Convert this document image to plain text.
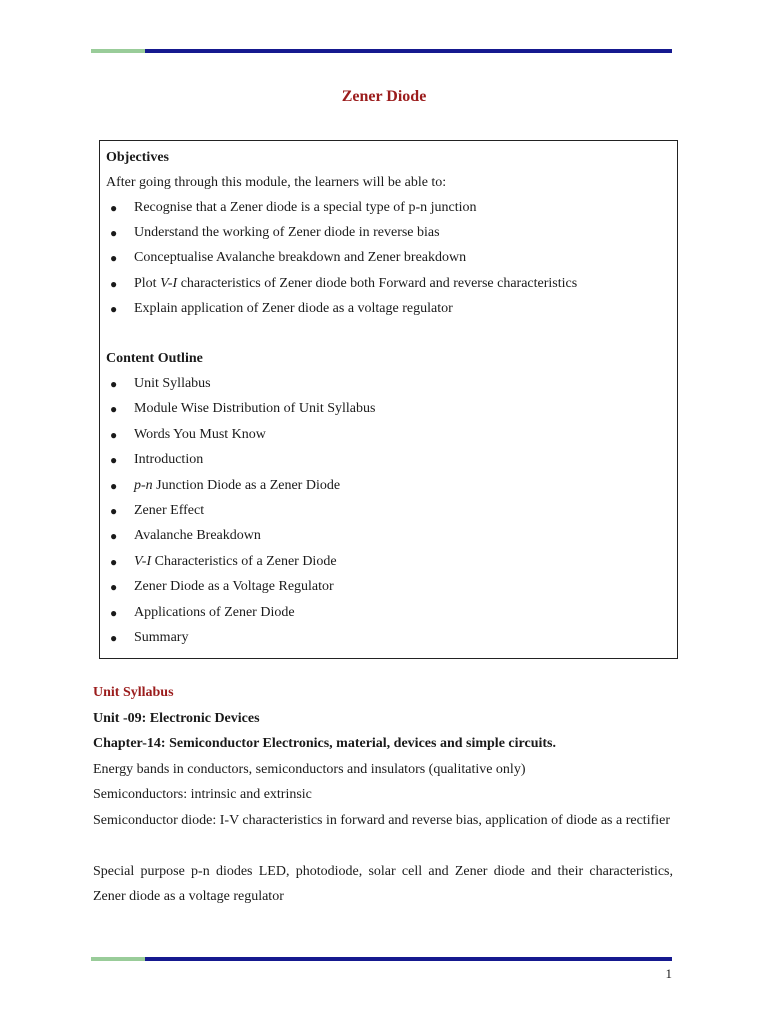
Zener Diode
Objectives
After going through this module, the learners will be able to:
● Recognise that a Zener diode is a special type of p-n junction
● Understand the working of Zener diode in reverse bias
● Conceptualise Avalanche breakdown and Zener breakdown
● Plot V-I characteristics of Zener diode both Forward and reverse characteristics
● Explain application of Zener diode as a voltage regulator
Content Outline
● Unit Syllabus
● Module Wise Distribution of Unit Syllabus
● Words You Must Know
● Introduction
● p-n Junction Diode as a Zener Diode
● Zener Effect
● Avalanche Breakdown
● V-I Characteristics of a Zener Diode
● Zener Diode as a Voltage Regulator
● Applications of Zener Diode
● Summary
Unit Syllabus
Unit -09: Electronic Devices
Chapter-14: Semiconductor Electronics, material, devices and simple circuits.
Energy bands in conductors, semiconductors and insulators (qualitative only)
Semiconductors: intrinsic and extrinsic
Semiconductor diode: I-V characteristics in forward and reverse bias, application of diode as a rectifier
Special purpose p-n diodes LED, photodiode, solar cell and Zener diode and their characteristics, Zener diode as a voltage regulator
1
